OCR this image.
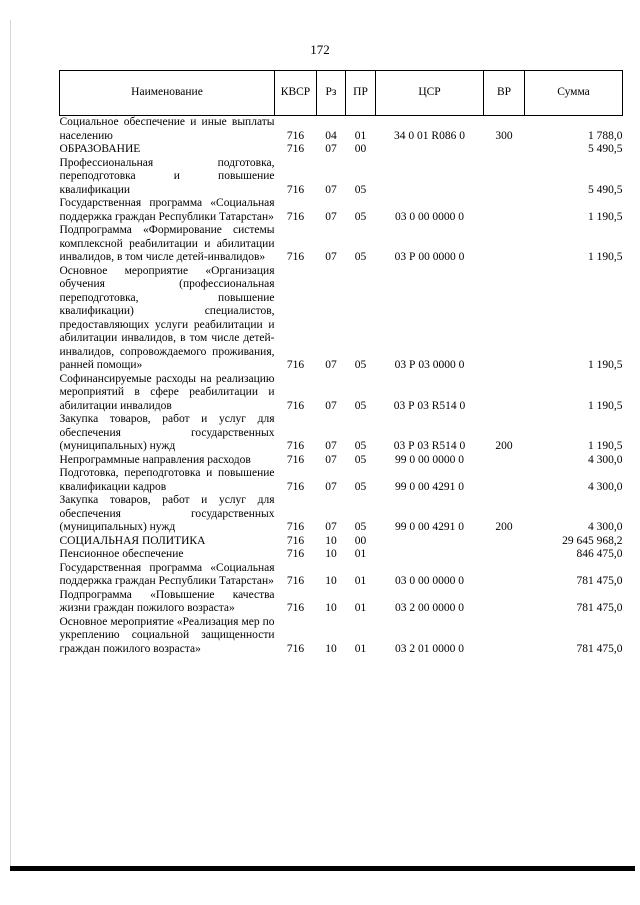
172
Наименование	КВСР	Рз	ПР	ЦСР	ВР	Сумма
Социальное обеспечение и иные выплаты населению	716	04	01	34 0 01 R086 0	300	1 788,0
ОБРАЗОВАНИЕ	716	07	00			5 490,5
Профессиональная подготовка, переподготовка и повышение квалификации	716	07	05			5 490,5
Государственная программа «Социальная поддержка граждан Республики Татарстан»	716	07	05	03 0 00 0000 0		1 190,5
Подпрограмма «Формирование системы комплексной реабилитации и абилитации инвалидов, в том числе детей-инвалидов»	716	07	05	03 Р 00 0000 0		1 190,5
Основное мероприятие «Организация обучения (профессиональная переподготовка, повышение квалификации) специалистов, предоставляющих услуги реабилитации и абилитации инвалидов, в том числе детей-инвалидов, сопровождаемого проживания, ранней помощи»	716	07	05	03 Р 03 0000 0		1 190,5
Софинансируемые расходы на реализацию мероприятий в сфере реабилитации и абилитации инвалидов	716	07	05	03 Р 03 R514 0		1 190,5
Закупка товаров, работ и услуг для обеспечения государственных (муниципальных) нужд	716	07	05	03 Р 03 R514 0	200	1 190,5
Непрограммные направления расходов	716	07	05	99 0 00 0000 0		4 300,0
Подготовка, переподготовка и повышение квалификации кадров	716	07	05	99 0 00 4291 0		4 300,0
Закупка товаров, работ и услуг для обеспечения государственных (муниципальных) нужд	716	07	05	99 0 00 4291 0	200	4 300,0
СОЦИАЛЬНАЯ ПОЛИТИКА	716	10	00			29 645 968,2
Пенсионное обеспечение	716	10	01			846 475,0
Государственная программа «Социальная поддержка граждан Республики Татарстан»	716	10	01	03 0 00 0000 0		781 475,0
Подпрограмма «Повышение качества жизни граждан пожилого возраста»	716	10	01	03 2 00 0000 0		781 475,0
Основное мероприятие «Реализация мер по укреплению социальной защищенности граждан пожилого возраста»	716	10	01	03 2 01 0000 0		781 475,0
